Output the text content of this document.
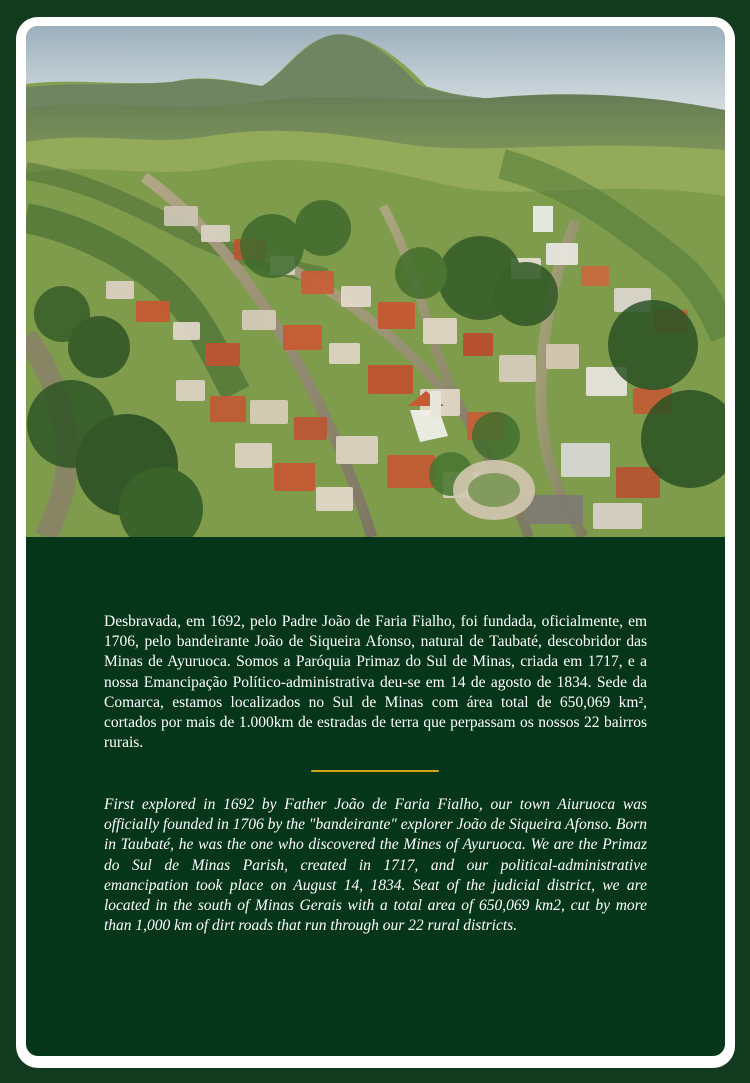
Desbravada, em 1692, pelo Padre João de Faria Fialho, foi fundada, oficialmente, em 1706, pelo bandeirante João de Siqueira Afonso, natural de Taubaté, descobridor das Minas de Ayuruoca. Somos a Paróquia Primaz do Sul de Minas, criada em 1717, e a nossa Emancipação Político-administrativa deu-se em 14 de agosto de 1834. Sede da Comarca, estamos localizados no Sul de Minas com área total de 650,069 km², cortados por mais de 1.000km de estradas de terra que perpassam os nossos 22 bairros rurais.

First explored in 1692 by Father João de Faria Fialho, our town Aiuruoca was officially founded in 1706 by the "bandeirante" explorer João de Siqueira Afonso. Born in Taubaté, he was the one who discovered the Mines of Ayuruoca. We are the Primaz do Sul de Minas Parish, created in 1717, and our political-administrative emancipation took place on August 14, 1834. Seat of the judicial district, we are located in the south of Minas Gerais with a total area of 650,069 km2, cut by more than 1,000 km of dirt roads that run through our 22 rural districts.
